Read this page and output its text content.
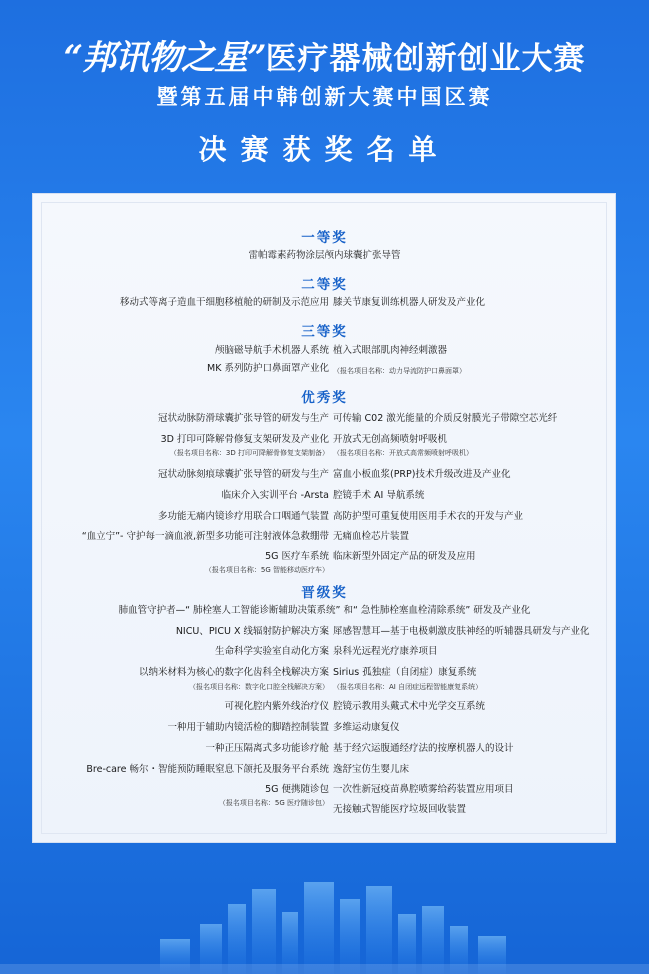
“邦讯物之星” 医疗器械创新创业大赛
暨第五届中韩创新大赛中国区赛
决赛获奖名单
一等奖
雷帕霉素药物涂层颅内球囊扩张导管
二等奖
移动式等离子造血干细胞移植舱的研制及示范应用 膝关节康复训练机器人研发及产业化
三等奖
颅脑磁导航手术机器人系统 植入式眼部肌肉神经刺激器
MK 系列防护口鼻面罩产业化 （报名项目名称：动力导流防护口鼻面罩）
优秀奖
冠状动脉防滑球囊扩张导管的研发与生产 可传输 C02 激光能量的介质反射膜光子带隙空芯光纤
3D 打印可降解骨修复支架研发及产业化
（报名项目名称：3D 打印可降解骨修复支架制备）
开放式无创高频喷射呼吸机
（报名项目名称：开放式高常频喷射呼吸机）
冠状动脉刻痕球囊扩张导管的研发与生产 富血小板血浆(PRP)技术升级改进及产业化
临床介入实训平台 -Arsta 腔镜手术 AI 导航系统
多功能无痛内镜诊疗用联合口咽通气装置 高防护型可重复使用医用手术衣的开发与产业
“血立宁”- 守护每一滴血液,新型多功能可注射液体急救绷带 无痛血检芯片装置
5G 医疗车系统
（报名项目名称：5G 智能移动医疗车）
临床新型外固定产品的研发及应用
晋级奖
肺血管守护者—“ 肺栓塞人工智能诊断辅助决策系统” 和“ 急性肺栓塞血栓清除系统” 研发及产业化
NICU、PICU X 线辐射防护解决方案 犀感智慧耳—基于电极刺激皮肤神经的听辅器具研发与产业化
生命科学实验室自动化方案 泉科光远程光疗康养项目
以纳米材料为核心的数字化齿科全栈解决方案
（报名项目名称：数字化口腔全栈解决方案）
Sirius 孤独症（自闭症）康复系统
（报名项目名称：AI 自闭症远程智能康复系统）
可视化腔内紫外线治疗仪 腔镜示教用头戴式术中光学交互系统
一种用于辅助内镜活检的脚踏控制装置 多维运动康复仪
一种正压隔离式多功能诊疗舱 基于经穴运腹通经疗法的按摩机器人的设计
Bre-care 畅尔・智能预防睡眠窒息下颌托及服务平台系统 逸舒宝仿生婴儿床
5G 便携随诊包
（报名项目名称：5G 医疗随诊包）
一次性新冠疫苗鼻腔喷雾给药装置应用项目
无接触式智能医疗垃圾回收装置
